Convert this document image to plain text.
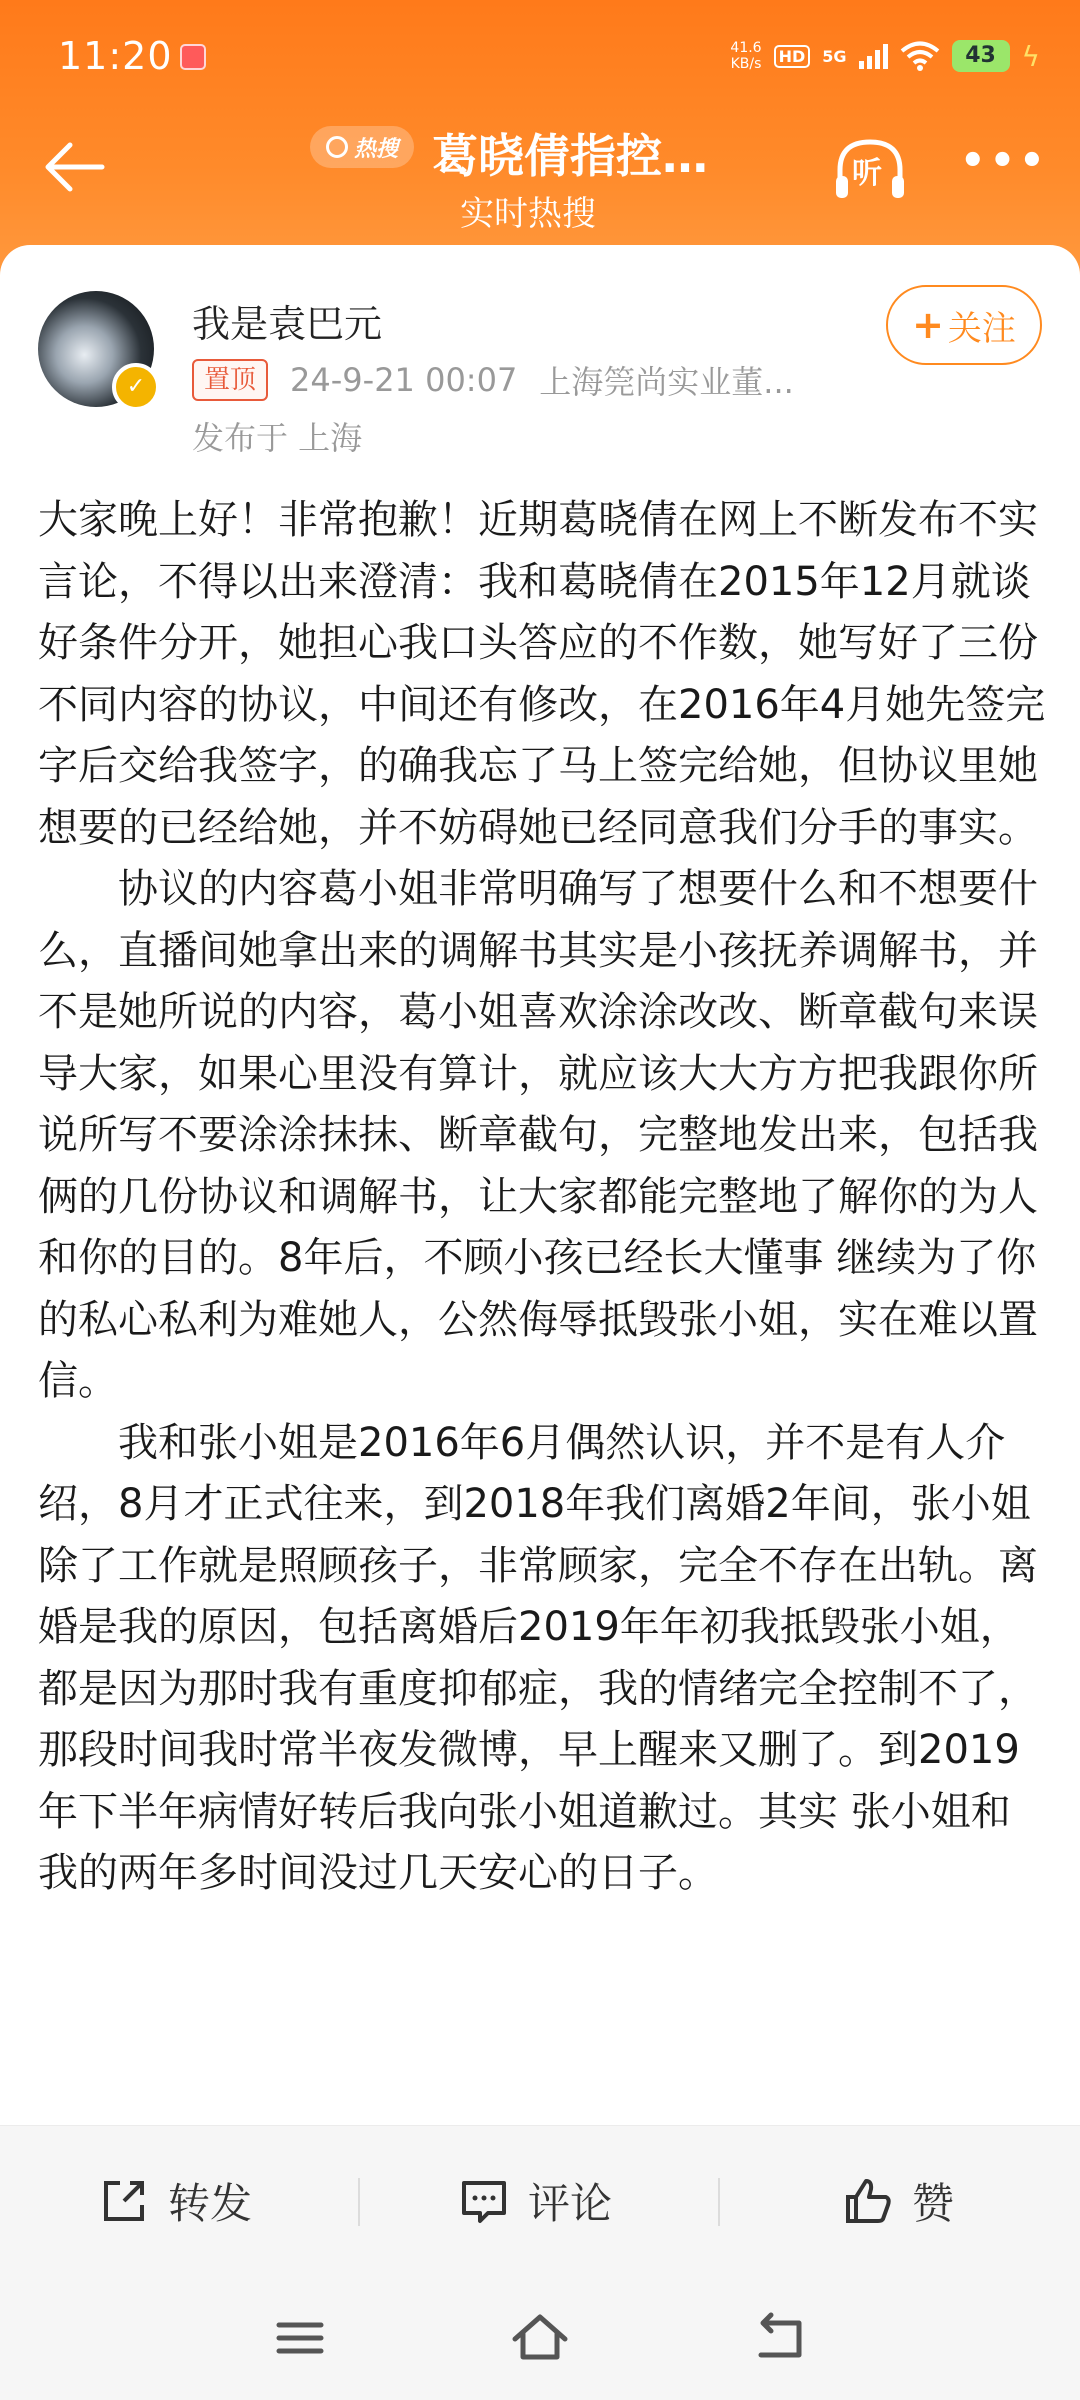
11:20	41.6
KB/s	HD	5G	43 ϟ
热搜 葛晓倩指控…
实时热搜
听 •••
✓
我是袁巴元
置顶	24-9-21 00:07 上海筦尚实业董...
发布于 上海
+ 关注

大家晚上好！非常抱歉！近期葛晓倩在网上不断发布不实言论，不得以出来澄清：我和葛晓倩在2015年12月就谈好条件分开，她担心我口头答应的不作数，她写好了三份不同内容的协议，中间还有修改，在2016年4月她先签完字后交给我签字，的确我忘了马上签完给她，但协议里她想要的已经给她，并不妨碍她已经同意我们分手的事实。

协议的内容葛小姐非常明确写了想要什么和不想要什么，直播间她拿出来的调解书其实是小孩抚养调解书，并不是她所说的内容，葛小姐喜欢涂涂改改、断章截句来误导大家，如果心里没有算计，就应该大大方方把我跟你所说所写不要涂涂抹抹、断章截句，完整地发出来，包括我俩的几份协议和调解书，让大家都能完整地了解你的为人和你的目的。8年后，不顾小孩已经长大懂事 继续为了你的私心私利为难她人，公然侮辱抵毁张小姐，实在难以置信。

我和张小姐是2016年6月偶然认识，并不是有人介绍，8月才正式往来，到2018年我们离婚2年间，张小姐除了工作就是照顾孩子，非常顾家，完全不存在出轨。离婚是我的原因，包括离婚后2019年年初我抵毁张小姐，都是因为那时我有重度抑郁症，我的情绪完全控制不了，那段时间我时常半夜发微博，早上醒来又删了。到2019年下半年病情好转后我向张小姐道歉过。其实 张小姐和我的两年多时间没过几天安心的日子。

转发	评论	赞
